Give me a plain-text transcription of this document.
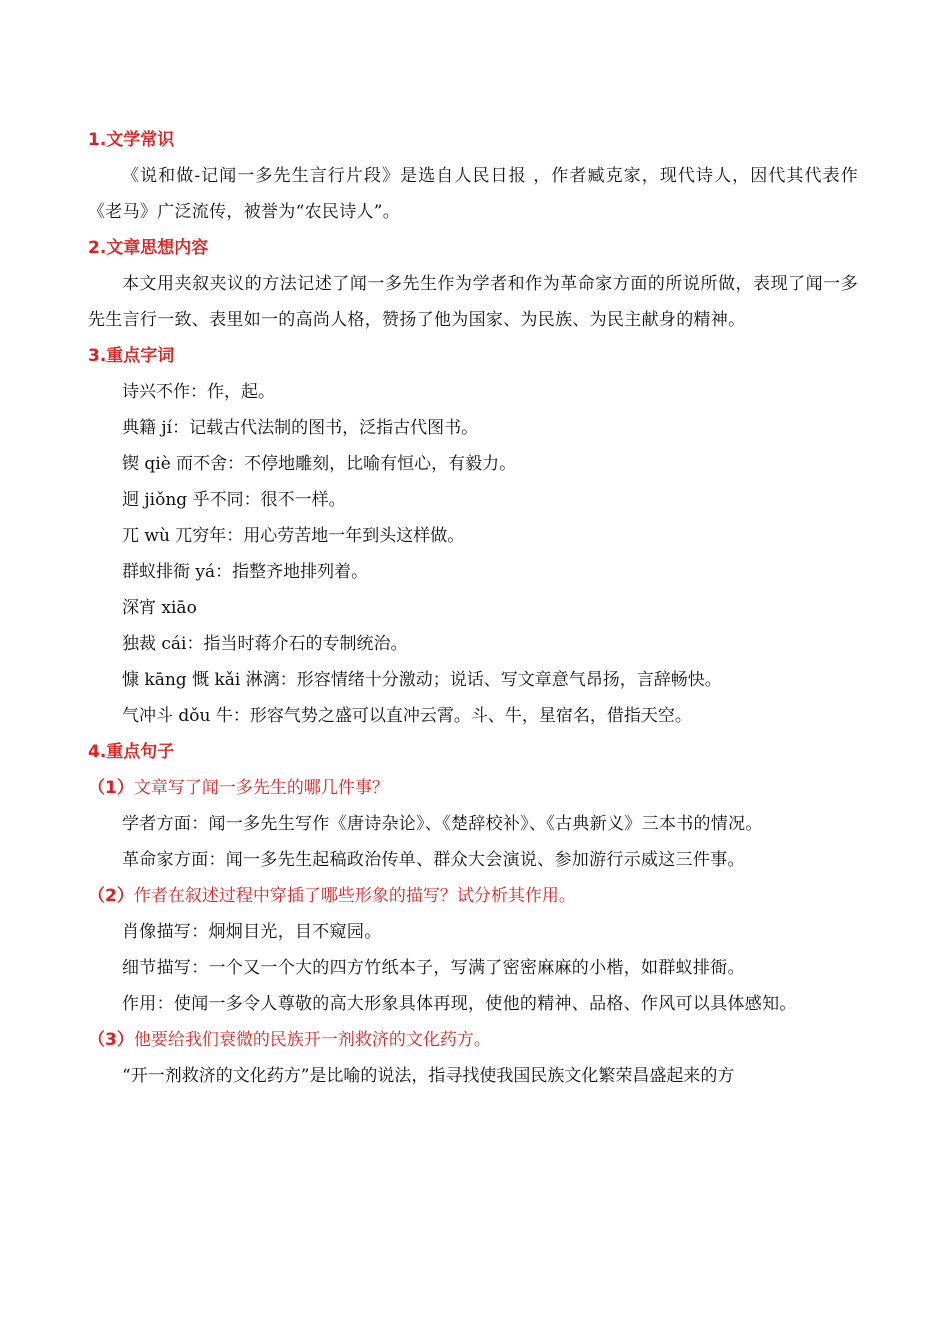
1.文学常识
《说和做-记闻一多先生言行片段》是选自人民日报 ，作者臧克家，现代诗人，因代其代表作《老马》广泛流传，被誉为“农民诗人”。
2.文章思想内容
本文用夹叙夹议的方法记述了闻一多先生作为学者和作为革命家方面的所说所做，表现了闻一多先生言行一致、表里如一的高尚人格，赞扬了他为国家、为民族、为民主献身的精神。
3.重点字词
诗兴不作：作，起。
典籍 jí：记载古代法制的图书，泛指古代图书。
锲 qiè 而不舍：不停地雕刻，比喻有恒心，有毅力。
迥 jiǒng 乎不同：很不一样。
兀 wù 兀穷年：用心劳苦地一年到头这样做。
群蚁排衙 yá：指整齐地排列着。
深宵 xiāo
独裁 cái：指当时蒋介石的专制统治。
慷 kāng 慨 kǎi 淋漓：形容情绪十分激动；说话、写文章意气昂扬，言辞畅快。
气冲斗 dǒu 牛：形容气势之盛可以直冲云霄。斗、牛，星宿名，借指天空。
4.重点句子
（1）文章写了闻一多先生的哪几件事？
学者方面：闻一多先生写作《唐诗杂论》、《楚辞校补》、《古典新义》三本书的情况。
革命家方面：闻一多先生起稿政治传单、群众大会演说、参加游行示威这三件事。
（2）作者在叙述过程中穿插了哪些形象的描写？试分析其作用。
肖像描写：炯炯目光，目不窥园。
细节描写：一个又一个大的四方竹纸本子，写满了密密麻麻的小楷，如群蚁排衙。
作用：使闻一多令人尊敬的高大形象具体再现，使他的精神、品格、作风可以具体感知。
（3）他要给我们衰微的民族开一剂救济的文化药方。
“开一剂救济的文化药方”是比喻的说法，指寻找使我国民族文化繁荣昌盛起来的方
